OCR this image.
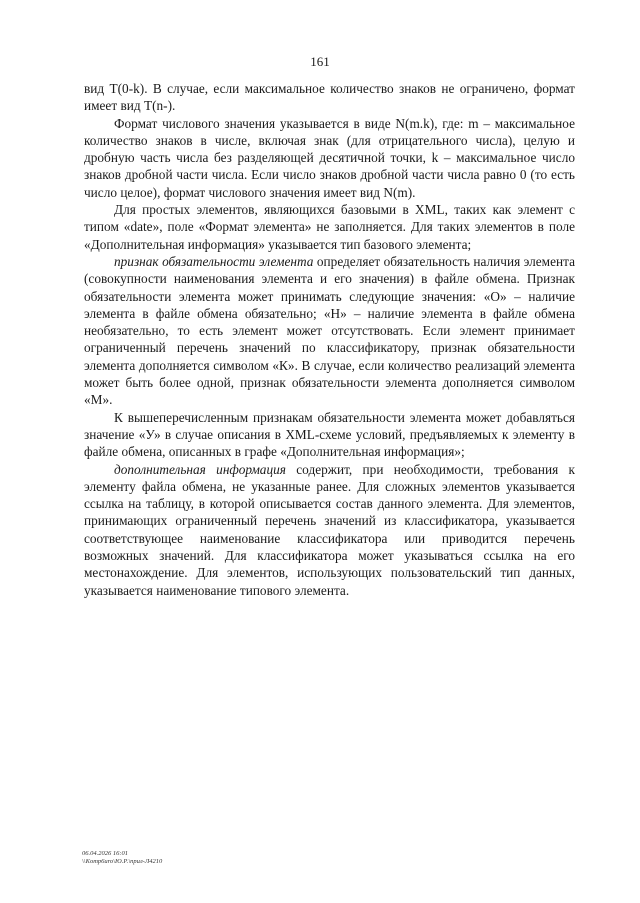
161

вид Т(0-k). В случае, если максимальное количество знаков не ограничено, формат имеет вид Т(n-).

Формат числового значения указывается в виде N(m.k), где: m – максимальное количество знаков в числе, включая знак (для отрицательного числа), целую и дробную часть числа без разделяющей десятичной точки, k – максимальное число знаков дробной части числа. Если число знаков дробной части числа равно 0 (то есть число целое), формат числового значения имеет вид N(m).

Для простых элементов, являющихся базовыми в XML, таких как элемент с типом «date», поле «Формат элемента» не заполняется. Для таких элементов в поле «Дополнительная информация» указывается тип базового элемента;

признак обязательности элемента определяет обязательность наличия элемента (совокупности наименования элемента и его значения) в файле обмена. Признак обязательности элемента может принимать следующие значения: «О» – наличие элемента в файле обмена обязательно; «Н» – наличие элемента в файле обмена необязательно, то есть элемент может отсутствовать. Если элемент принимает ограниченный перечень значений по классификатору, признак обязательности элемента дополняется символом «К». В случае, если количество реализаций элемента может быть более одной, признак обязательности элемента дополняется символом «М».

К вышеперечисленным признакам обязательности элемента может добавляться значение «У» в случае описания в XML-схеме условий, предъявляемых к элементу в файле обмена, описанных в графе «Дополнительная информация»;

дополнительная информация содержит, при необходимости, требования к элементу файла обмена, не указанные ранее. Для сложных элементов указывается ссылка на таблицу, в которой описывается состав данного элемента. Для элементов, принимающих ограниченный перечень значений из классификатора, указывается соответствующее наименование классификатора или приводится перечень возможных значений. Для классификатора может указываться ссылка на его местонахождение. Для элементов, использующих пользовательский тип данных, указывается наименование типового элемента.

06.04.2026 16:01
\\Komp6uro\Ю.Р.\прил-Л4210
